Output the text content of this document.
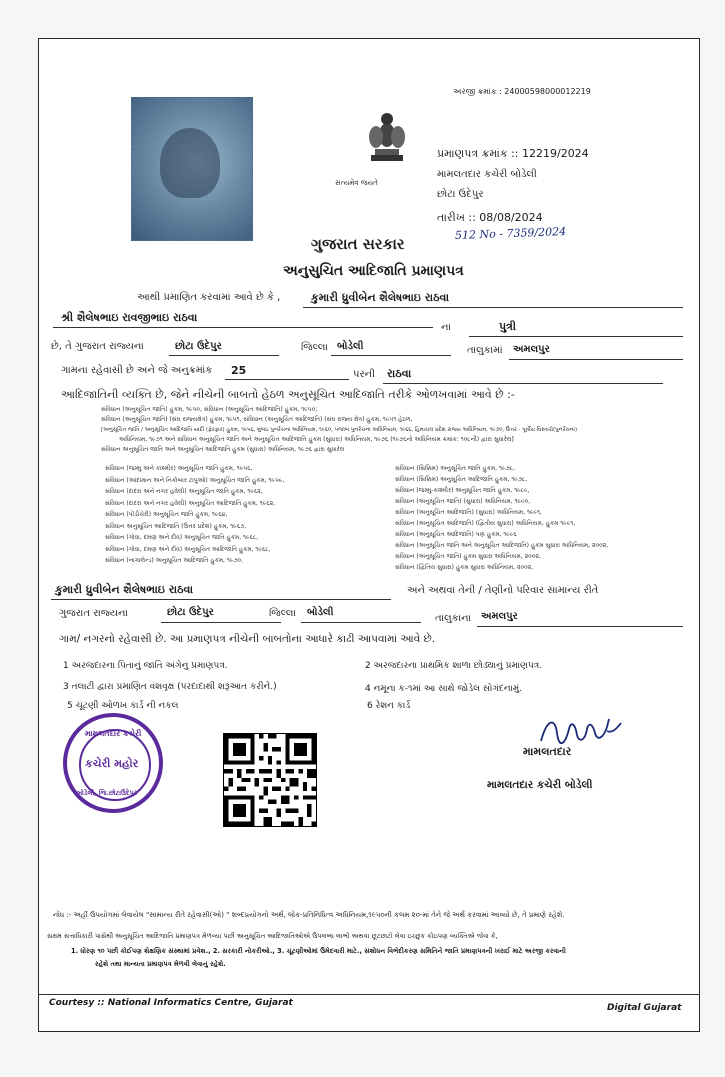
સત્યમેવ જયતે
અરજી ક્રમાંક : 24000598000012219
પ્રમાણપત્ર ક્રમાંક :: 12219/2024
મામલતદાર કચેરી બોડેલી
છોટા ઉદેપુર
તારીખ :: 08/08/2024
512 No - 7359/2024
ગુજરાત સરકાર
અનુસુચિત આદિજાતિ પ્રમાણપત્ર
આથી પ્રમાણિત કરવામાં આવે છે કે ,	કુમારી ધ્રુવીબેન શૈલેષભાઇ રાઠવા
શ્રી શૈલેષભાઇ રાવજીભાઇ રાઠવા
ના	પુત્રી
છે, તે ગુજરાત રાજ્યના	છોટા ઉદેપુર	જિલ્લા બોડેલી	તાલુકામાં અમલપુર
ગામના રહેવાસી છે અને જે અનુક્રમાંક 25	પરની રાઠવા
આદિજાતિની વ્યક્તિ છે, જેને નીચેની બાબતો હેઠળ અનુસૂચિત આદિજાતિ તરીકે ઓળખવામાં આવે છે :-
સંવિધાન (અનુસૂચિત જાતિ) હુકમ, ૧૯૫૦, સંવિધાન (અનુસૂચિત આદિજાતિ) હુકમ, ૧૯૫૦;
સંવિધાન (અનુસૂચિત જાતિ) (સંઘ રાજ્યક્ષેત્ર) હુકમ, ૧૯૫૧, સંવિધાન (અનુસૂચિત આદિજાતિ) (સંઘ રાજ્ય ક્ષેત્ર) હુકમ, ૧૯૫૧ હેઠળ,
[અનુસૂચિત જાતિ / અનુસૂચિત આદિજાતિ યાદી (ફેરફાર) હુકમ, ૧૯૫૬, મુંબઇ પુનર્રચના અધિનિયમ, ૧૯૬૦, પંજાબ પુનર્રચના અધિનિયમ, ૧૯૬૬, હિમાચલ પ્રદેશ રાજ્ય અધિનિયમ, ૧૯૭૦, ઉત્તર - પૂર્વીય વિસ્તારો(પુનર્રચના)
અધિનિયમ, ૧૯૭૧ અને સંવિધાન અનુસૂચિત જાતિ અને અનુસૂચિત આદિજાતિ હુકમ (સુધારા) અધિનિયમ, ૧૯૭૬ (૧૯૭૬નો અધિનિયમ ક્રમાંક: ૧૦૮ની) દ્વારા સુધારેલ]
સંવિધાન અનુસૂચિત જાતિ અને અનુસૂચિત આદિજાતિ હુકમ (સુધારા) અધિનિયમ, ૧૯૭૬ દ્વારા સુધારેલ
સંવિધાન (જમ્મુ અને કાશ્મીર) અનુસૂચિત જાતિ હુકમ, ૧૯૫૬,
સંવિધાન (આંદામાન અને નિકોબાર ટાપુઓ) અનુસૂચિત જાતિ હુકમ, ૧૯૫૯,
સંવિધાન (દાદરા અને નગર હવેલી) અનુસૂચિત જાતિ હુકમ, ૧૯૬૨,
સંવિધાન (દાદરા અને નગર હવેલી) અનુસૂચિત આદિજાતિ હુકમ, ૧૯૬૨,
સંવિધાન (પોંડીચેરી) અનુસૂચિત જાતિ હુકમ, ૧૯૬૪,
સંવિધાન અનુસૂચિત આદિજાતિ (ઉત્તર પ્રદેશ) હુકમ, ૧૯૬૭,
સંવિધાન (ગોવા, દમણ અને દીવ) અનુસૂચિત જાતિ હુકમ, ૧૯૬૮,
સંવિધાન (ગોવા, દમણ અને દીવ) અનુસૂચિત આદિજાતિ હુકમ, ૧૯૬૮,
સંવિધાન (નાગાલેન્ડ) અનુસૂચિત આદિજાતિ હુકમ, ૧૯૭૦,
સંવિધાન (સિક્કિમ) અનુસૂચિત જાતિ હુકમ, ૧૯૭૮,
સંવિધાન (સિક્કિમ) અનુસૂચિત આદિજાતિ હુકમ, ૧૯૭૮,
સંવિધાન (જમ્મુ-કાશ્મીર) અનુસૂચિત જાતિ હુકમ, ૧૯૮૯,
સંવિધાન (અનુસૂચિત જાતિ) (સુધારા) અધિનિયમ, ૧૯૯૦,
સંવિધાન (અનુસૂચિત આદિજાતિ) (સુધારા) અધિનિયમ, ૧૯૯૧,
સંવિધાન (અનુસૂચિત આદિજાતિ) (દ્વિતીય સુધારા) અધિનિયમ, હુકમ ૧૯૯૧,
સંવિધાન (અનુસૂચિત આદિજાતિ) પણ હુકમ, ૧૯૯૬
સંવિધાન (અનુસૂચિત જાતિ અને અનુસૂચિત આદિજાતિ) હુકમ સુધારા અધિનિયમ, ૨૦૦૨,
સંવિધાન (અનુસૂચિત જાતિ) હુકમ સુધારા અધિનિયમ, ૨૦૦૨,
સંવિધાન (દ્વિતિય સુધારા) હુકમ સુધારા અધિનિયમ, ૨૦૦૨,
કુમારી ધ્રુવીબેન શૈલેષભાઇ રાઠવા	અને અથવા તેની / તેણીનો પરિવાર સામાન્ય રીતે
ગુજરાત રાજ્યના	છોટા ઉદેપુર	જિલ્લા બોડેલી
તાલુકાના અમલપુર
ગામ/ નગરનો રહેવાસી છે. આ પ્રમાણપત્ર નીચેની બાબતોના આધારે કાઢી આપવામાં આવે છે.
1 અરજદારના પિતાનું જાતિ અંગેનુ પ્રમાણપત્ર.	2 અરજદારના પ્રાથમિક શાળા છોડ્યાનું પ્રમાણપત્ર.
3 તલાટી દ્વારા પ્રમાણિત વંશવૃક્ષ (પરદાદાથી શરૂઆત કરીને.)	4 નમૂના ક-૧માં આ સાથે જોડેલ સોગંદનામું.
5 ચૂંટણી ઓળખ કાર્ડ ની નકલ	6 રેશન કાર્ડ
મામલતદાર કચેરી
કચેરી મહોર
બોડેલી, જિ.છોટાઉદેપુર
મામલતદાર
મામલતદાર કચેરી બોડેલી
નોંધ :- અહીં ઉપયોગમાં લેવાયેલ "સામાન્ય રીતે રહેવાસી(ઓ) " શબ્દપ્રયોગનો અર્થ, લોક-પ્રતિનિધિત્વ અધિનિયમ,૧૯૫૦ની કલમ ૨૦-માં તેને જે અર્થ કરવામાં આવ્યો છે, તે પ્રમાણે રહેશે.
સક્ષમ સત્તાધિકારી પાસેથી અનુસૂચિત આદિજાતિ પ્રમાણપત્ર મેળવ્યા પછી અનુસૂચિત આદિજાતિઓએ ઉપલબ્ધ લાભો અથવા છૂટછાટો લેવા ઇચ્છુક કોઇપણ વ્યક્તિએ જેવા કે,
1. ધોરણ ૧૦ પછી કોઈપણ શૈક્ષણિક સંસ્થામાં પ્રવેશ., 2. સરકારી નોકરીઓ., 3. ચૂંટણીઓમાં ઉમેદવારી માટે., સંશોધન વિભેદીકરણ સમિતિને જાતિ પ્રમાણપત્રની ખરાઈ માટે અરજી કરવાની
રહેશે તથા માન્યતા પ્રમાણપત્ર મેળવી લેવાનું રહેશે.
Courtesy :: National Informatics Centre, Gujarat	Digital Gujarat
